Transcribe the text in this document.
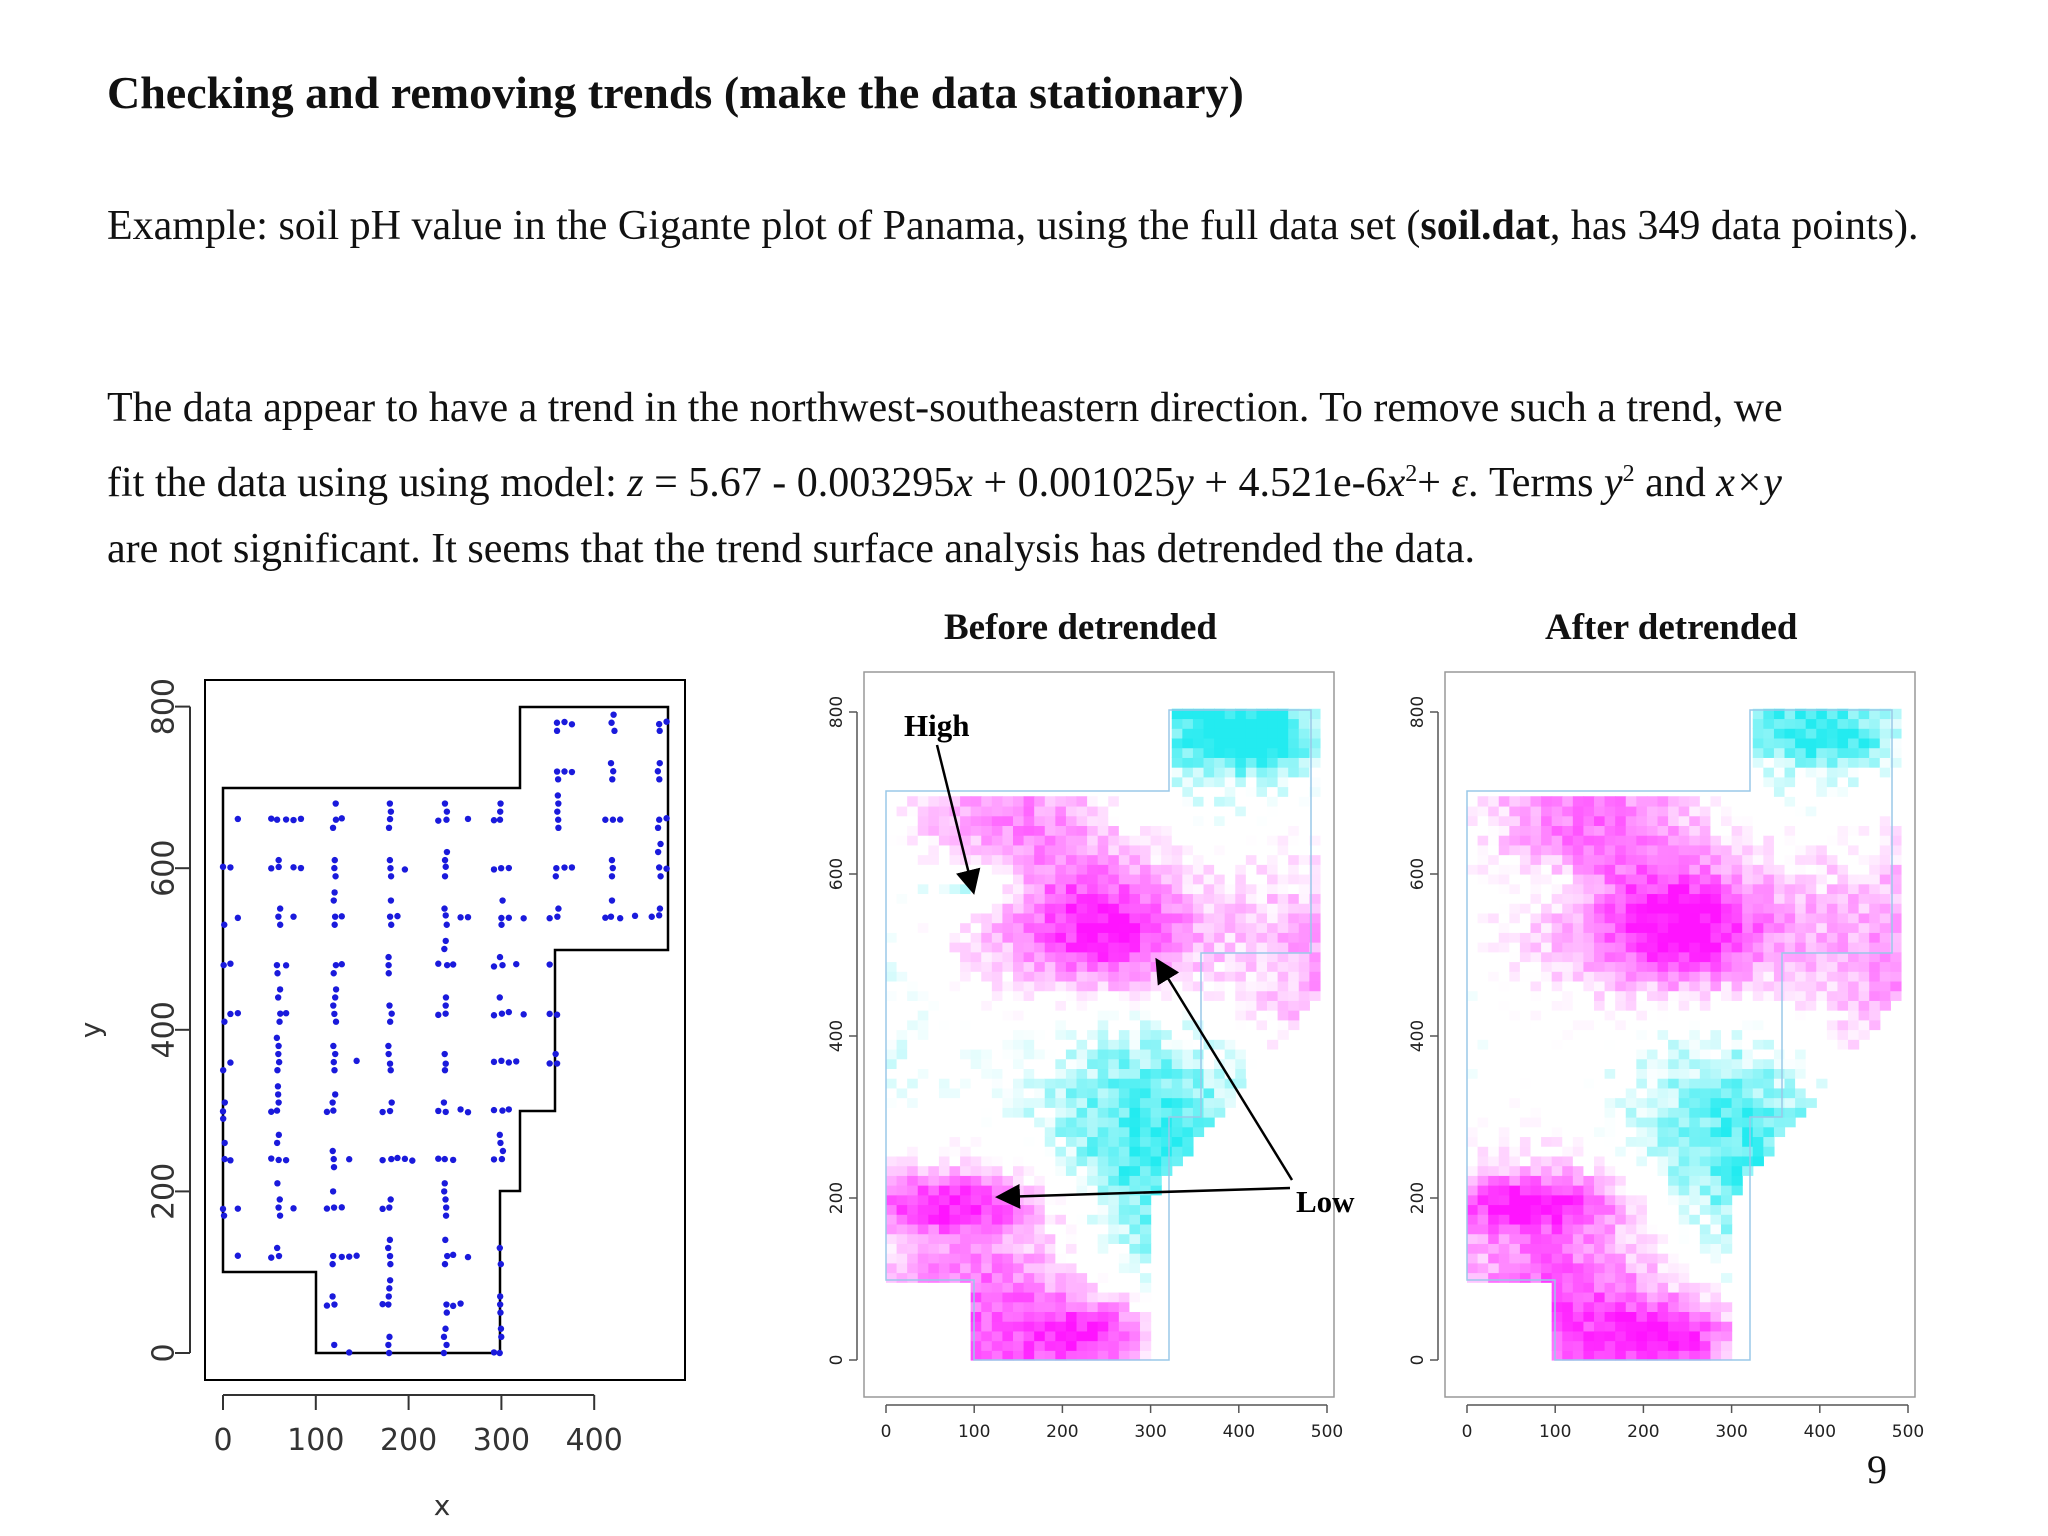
Checking and removing trends (make the data stationary)
Example: soil pH value in the Gigante plot of Panama, using the full data set (soil.dat, has 349 data points).
The data appear to have a trend in the northwest-southeastern direction. To remove such a trend, we
fit the data using using model: $z = 5.67 - 0.003295x + 0.001025y + 4.521e-6x^2+ \varepsilon$. Terms $y^2$ and x×y
are not significant. It seems that the trend surface analysis has detrended the data.
Before detrended	After detrended
0 100 200 300 400
0
200
400
600
800
x
y
0	100	200	300	400	500
0
200
400
600
800 High
Low
0	100	200	300	400	500
0
200
400
600
800
9
